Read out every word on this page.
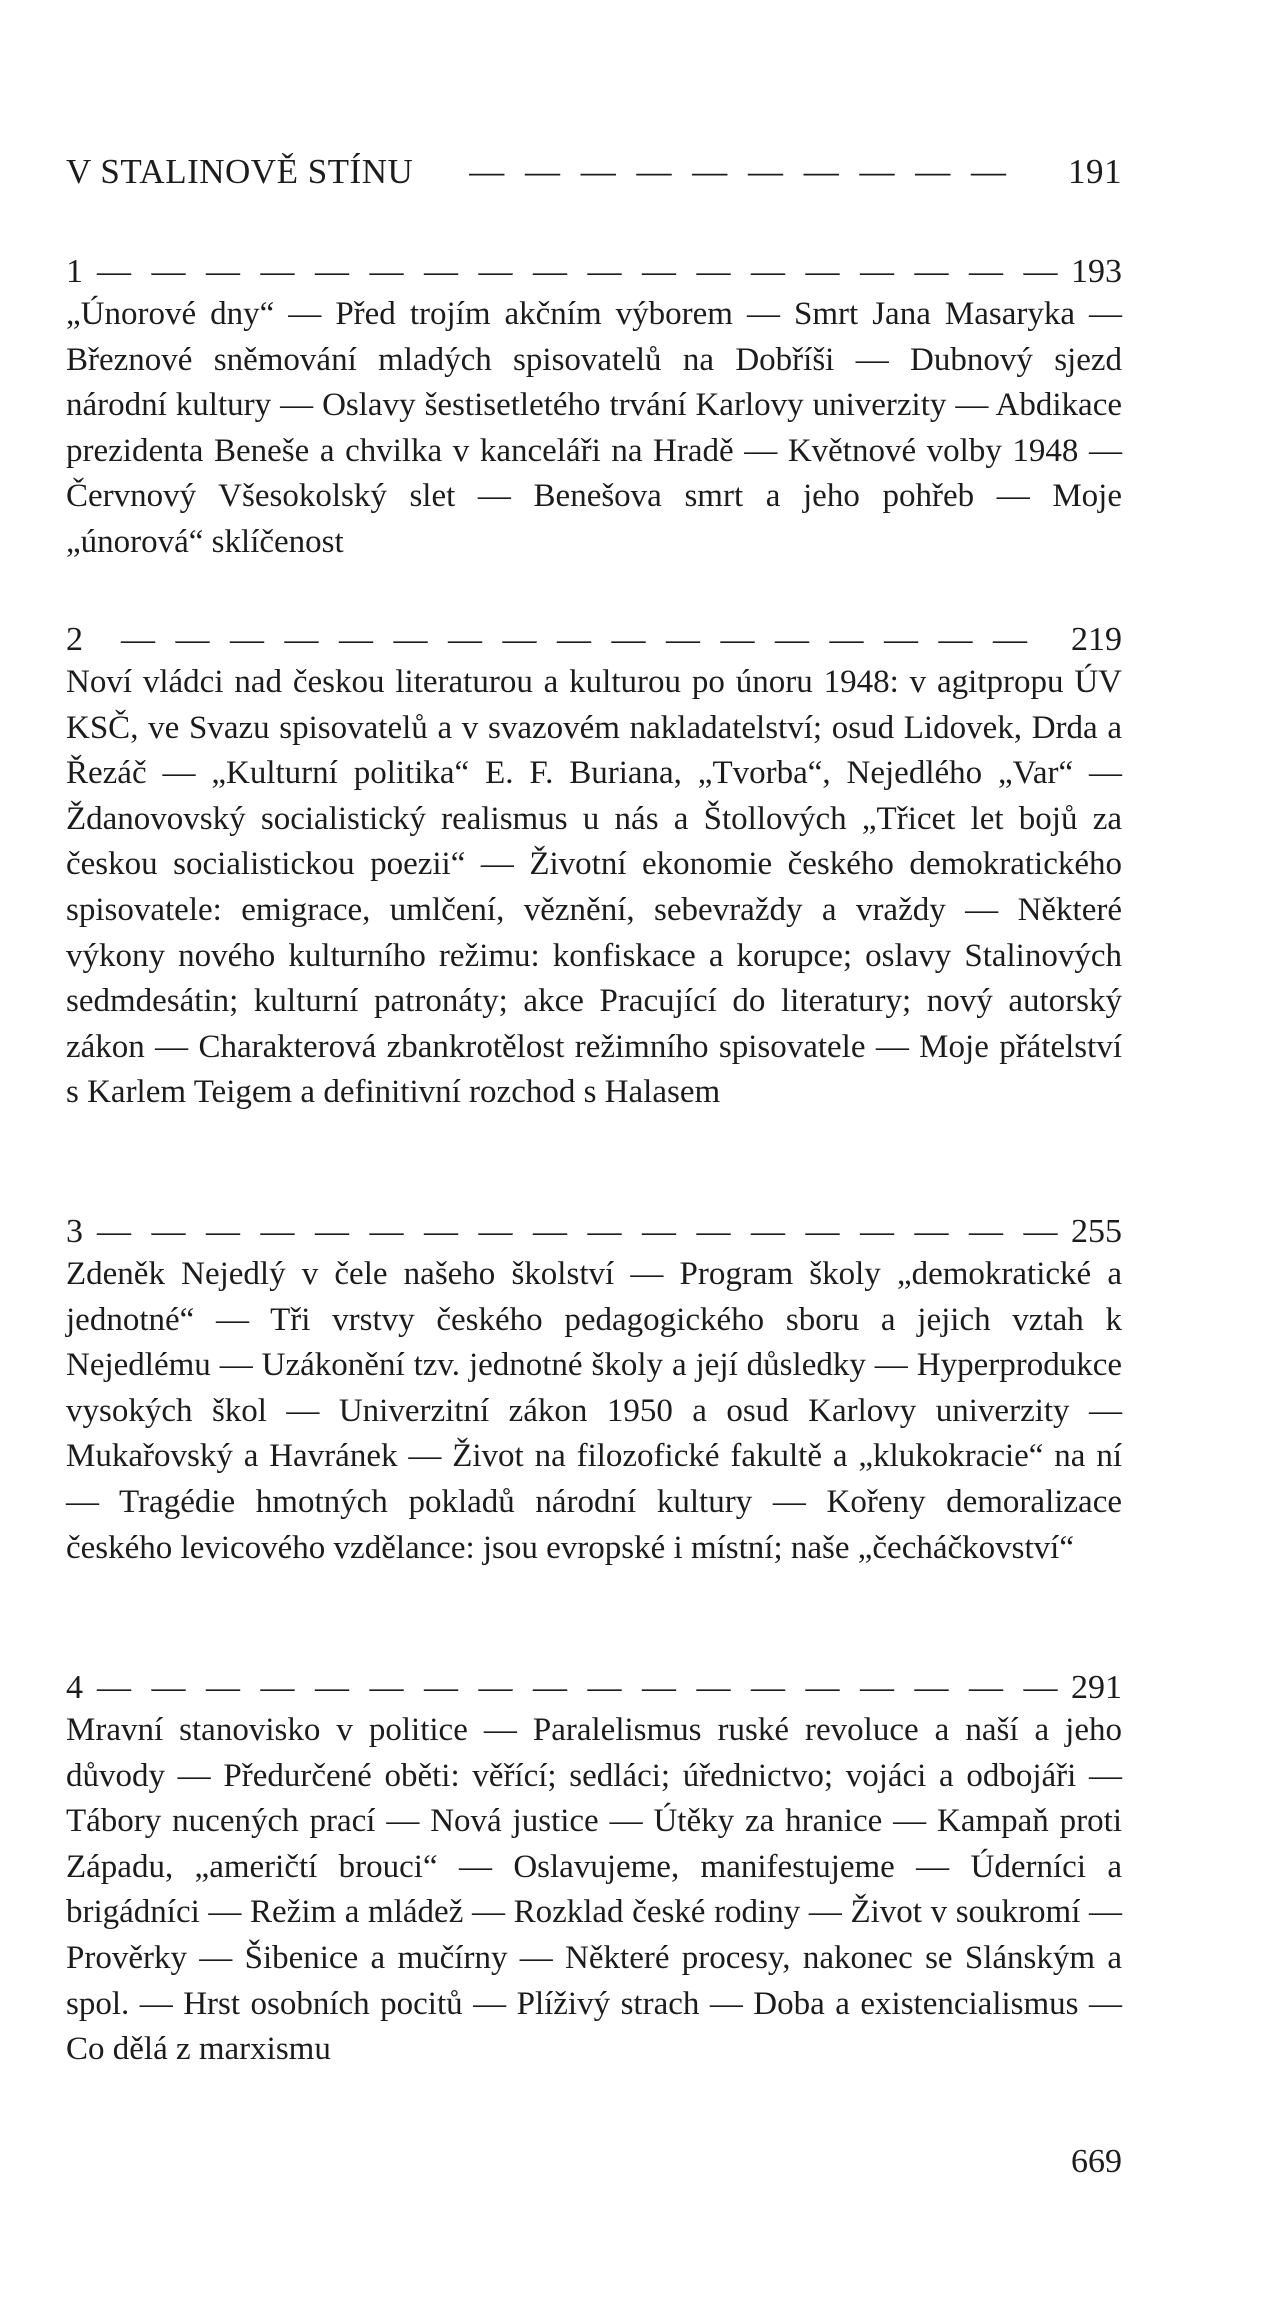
V STALINOVĚ STÍNU	— — — — — — — — — —	191
1 — — — — — — — — — — — — — — — — — — 193

„Únorové dny“ — Před trojím akčním výborem — Smrt Jana Masaryka — Březnové sněmování mladých spisovatelů na Dobříši — Dubnový sjezd národní kultury — Oslavy šestisetletého trvání Karlovy univerzity — Abdikace prezidenta Beneše a chvilka v kanceláři na Hradě — Květnové volby 1948 — Červnový Všesokolský slet — Benešova smrt a jeho pohřeb — Moje „únorová“ sklíčenost

2	— — — — — — — — — — — — — — — — —	219

Noví vládci nad českou literaturou a kulturou po únoru 1948: v agitpropu ÚV KSČ, ve Svazu spisovatelů a v svazovém nakladatelství; osud Lidovek, Drda a Řezáč — „Kulturní politika“ E. F. Buriana, „Tvorba“, Nejedlého „Var“ — Ždanovovský socialistický realismus u nás a Štollových „Třicet let bojů za českou socialistickou poezii“ — Životní ekonomie českého demokratického spisovatele: emigrace, umlčení, věznění, sebevraždy a vraždy — Některé výkony nového kulturního režimu: konfiskace a korupce; oslavy Stalinových sedmdesátin; kulturní patronáty; akce Pracující do literatury; nový autorský zákon — Charakterová zbankrotělost režimního spisovatele — Moje přátelství s Karlem Teigem a definitivní rozchod s Halasem

3 — — — — — — — — — — — — — — — — — — 255

Zdeněk Nejedlý v čele našeho školství — Program školy „demokratické a jednotné“ — Tři vrstvy českého pedagogického sboru a jejich vztah k Nejedlému — Uzákonění tzv. jednotné školy a její důsledky — Hyperprodukce vysokých škol — Univerzitní zákon 1950 a osud Karlovy univerzity — Mukařovský a Havránek — Život na filozofické fakultě a „klukokracie“ na ní — Tragédie hmotných pokladů národní kultury — Kořeny demoralizace českého levicového vzdělance: jsou evropské i místní; naše „čecháčkovství“

4 — — — — — — — — — — — — — — — — — — 291

Mravní stanovisko v politice — Paralelismus ruské revoluce a naší a jeho důvody — Předurčené oběti: věřící; sedláci; úřednictvo; vojáci a odbojáři — Tábory nucených prací — Nová justice — Útěky za hranice — Kampaň proti Západu, „američtí brouci“ — Oslavujeme, manifestujeme — Úderníci a brigádníci — Režim a mládež — Rozklad české rodiny — Život v soukromí — Prověrky — Šibenice a mučírny — Některé procesy, nakonec se Slánským a spol. — Hrst osobních pocitů — Plíživý strach — Doba a existencialismus — Co dělá z marxismu

669
